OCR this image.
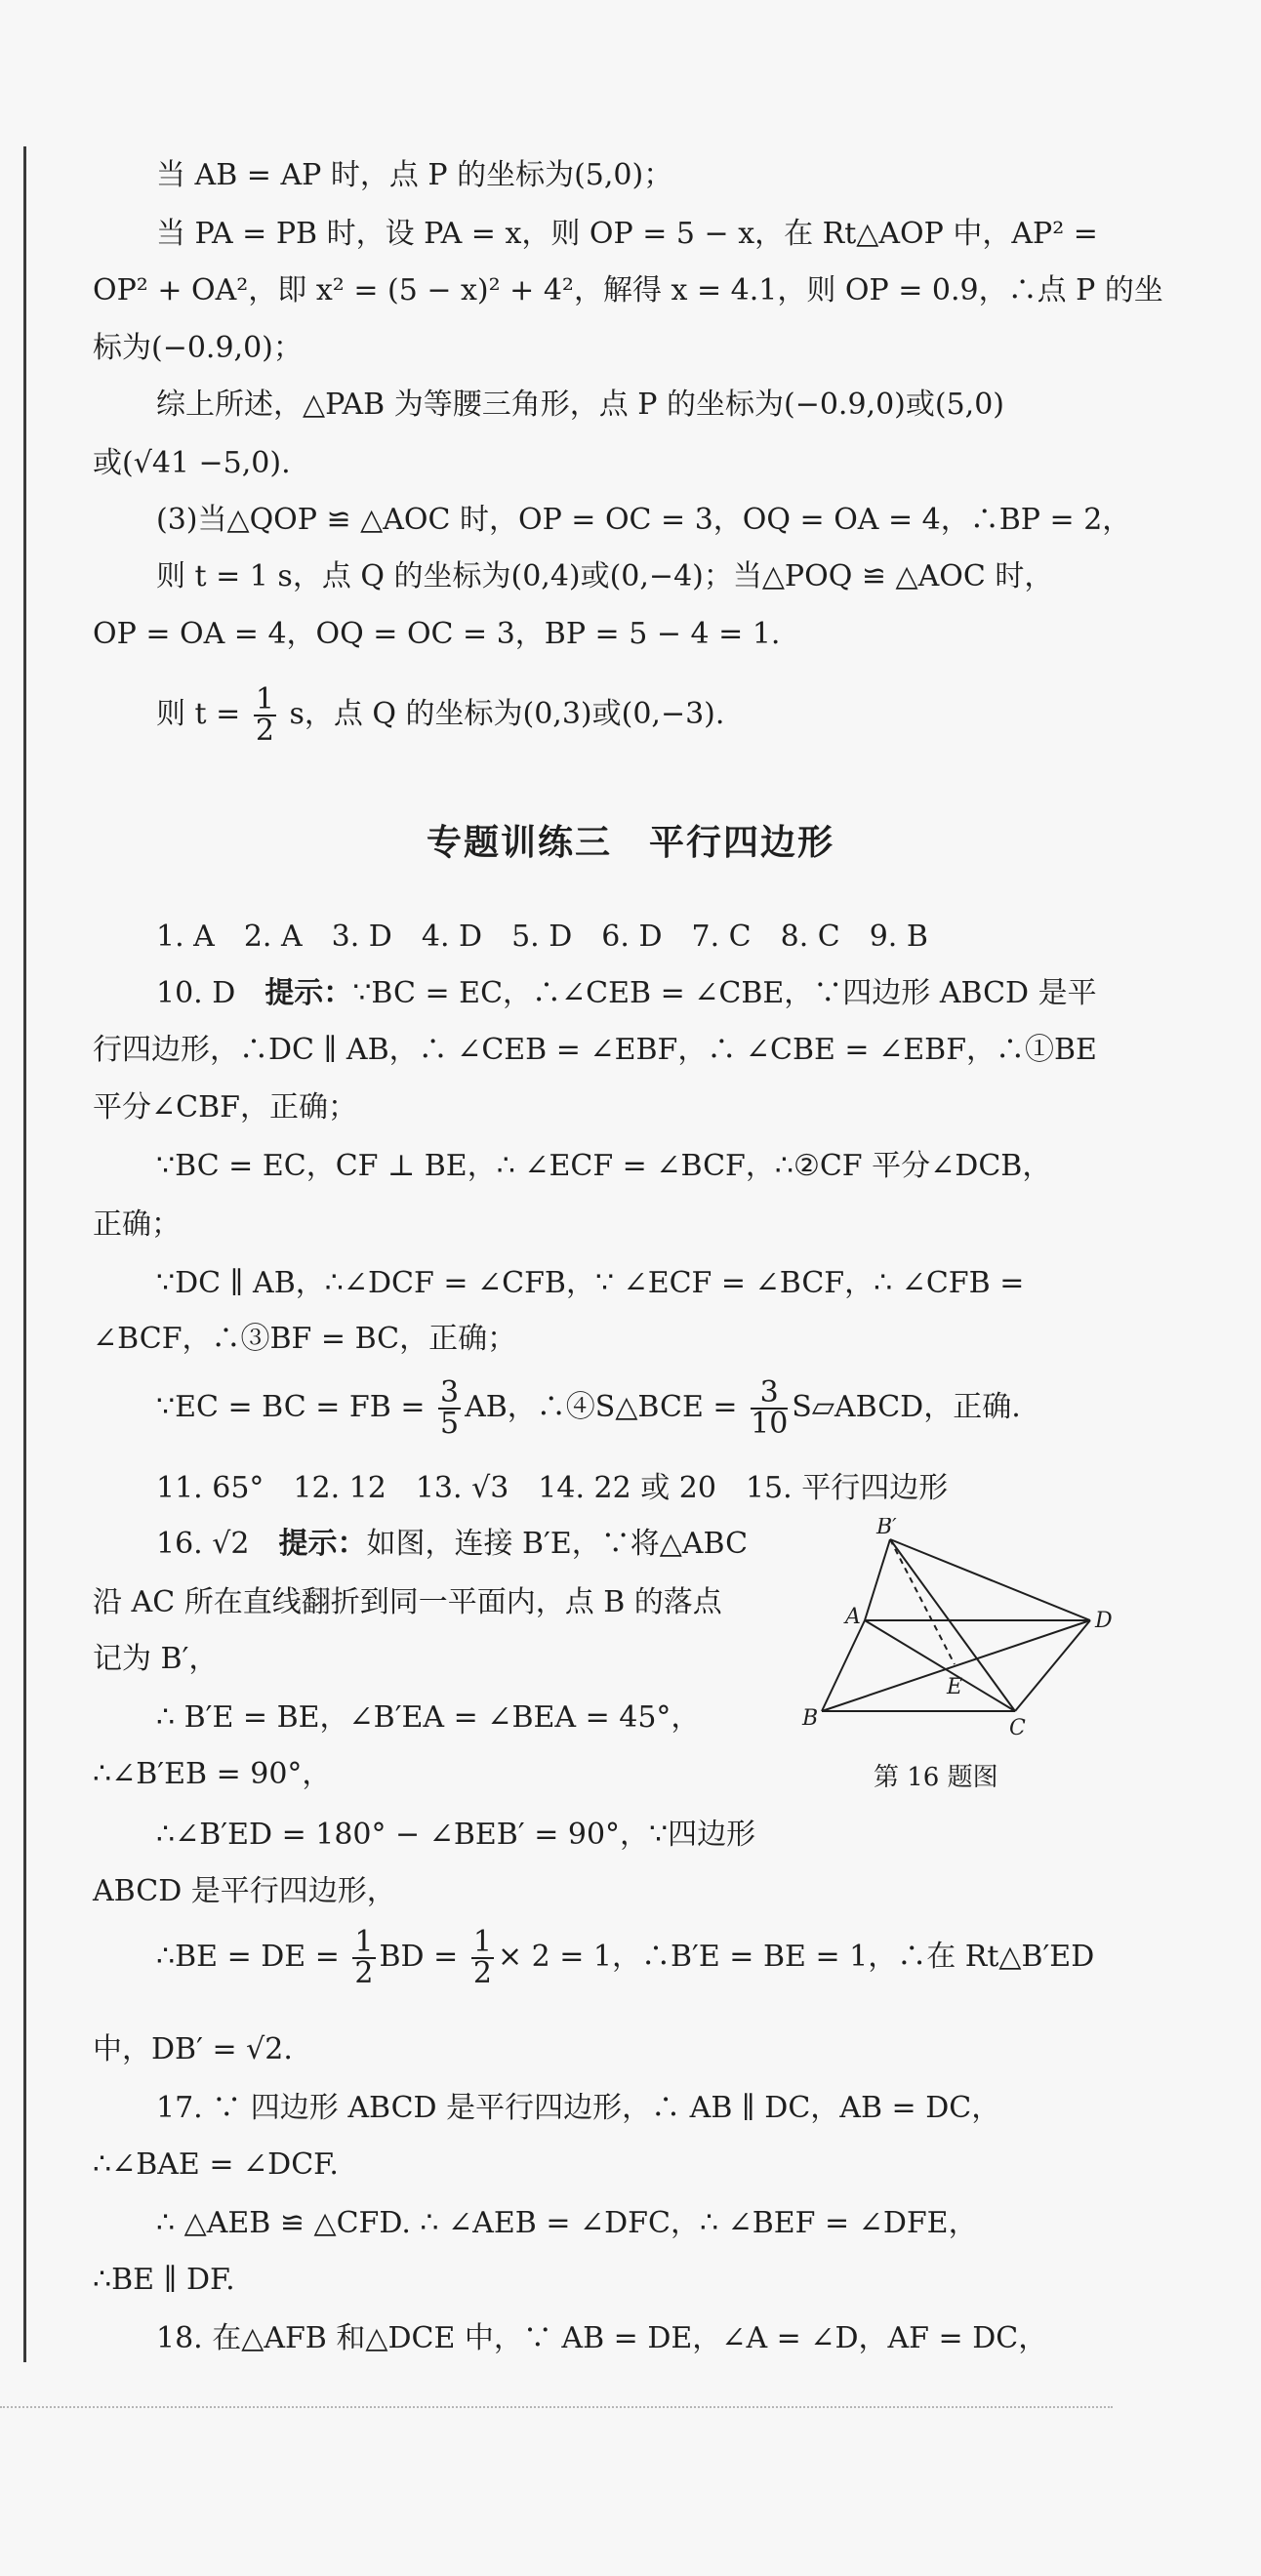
当 AB = AP 时，点 P 的坐标为(5,0)；
当 PA = PB 时，设 PA = x，则 OP = 5 − x，在 Rt△AOP 中，AP² =
OP² + OA²，即 x² = (5 − x)² + 4²，解得 x = 4.1，则 OP = 0.9，∴点 P 的坐
标为(−0.9,0)；
综上所述，△PAB 为等腰三角形，点 P 的坐标为(−0.9,0)或(5,0)
或(√41 −5,0).
(3)当△QOP ≌ △AOC 时，OP = OC = 3，OQ = OA = 4，∴BP = 2，
则 t = 1 s，点 Q 的坐标为(0,4)或(0,−4)；当△POQ ≌ △AOC 时，
OP = OA = 4，OQ = OC = 3，BP = 5 − 4 = 1.
1. A　2. A　3. D　4. D　5. D　6. D　7. C　8. C　9. B
平分∠CBF，正确；
∵BC = EC，CF ⊥ BE，∴ ∠ECF = ∠BCF，∴②CF 平分∠DCB，
正确；
∵DC ∥ AB，∴∠DCF = ∠CFB，∵ ∠ECF = ∠BCF，∴ ∠CFB =
∠BCF，∴③BF = BC，正确；
11. 65°　12. 12　13. √3　14. 22 或 20　15. 平行四边形
沿 AC 所在直线翻折到同一平面内，点 B 的落点
记为 B′，
∴ B′E = BE，∠B′EA = ∠BEA = 45°，
∴∠B′EB = 90°，
∴∠B′ED = 180° − ∠BEB′ = 90°，∵四边形
ABCD 是平行四边形，
中，DB′ = √2.
17. ∵ 四边形 ABCD 是平行四边形，∴ AB ∥ DC，AB = DC，
∴∠BAE = ∠DCF.
∴ △AEB ≌ △CFD. ∴ ∠AEB = ∠DFC，∴ ∠BEF = ∠DFE，
∴BE ∥ DF.
18. 在△AFB 和△DCE 中，∵ AB = DE，∠A = ∠D，AF = DC，
则 $t = \frac{1}{2}$ s，点 Q 的坐标为(0,3)或(0,−3).
专题训练三　平行四边形
10. D　 提示：∵BC = EC，∴∠CEB = ∠CBE，∵四边形 ABCD 是平
行四边形，∴DC ∥ AB，∴ ∠CEB = ∠EBF，∴ ∠CBE = ∠EBF，∴①BE
∵EC = BC = FB = $\frac{3}{5}$ AB，∴④S△BCE = $\frac{3}{10}$ S▱ABCD，正确.
16. √2　 提示：如图，连接 B′E，∵将△ABC
∴BE = DE = $\frac{1}{2}$ BD = $\frac{1}{2} \times 2 = 1$，∴B′E = BE = 1，∴在 Rt△B′ED
B′
A	D
B
E
C
第 16 题图
